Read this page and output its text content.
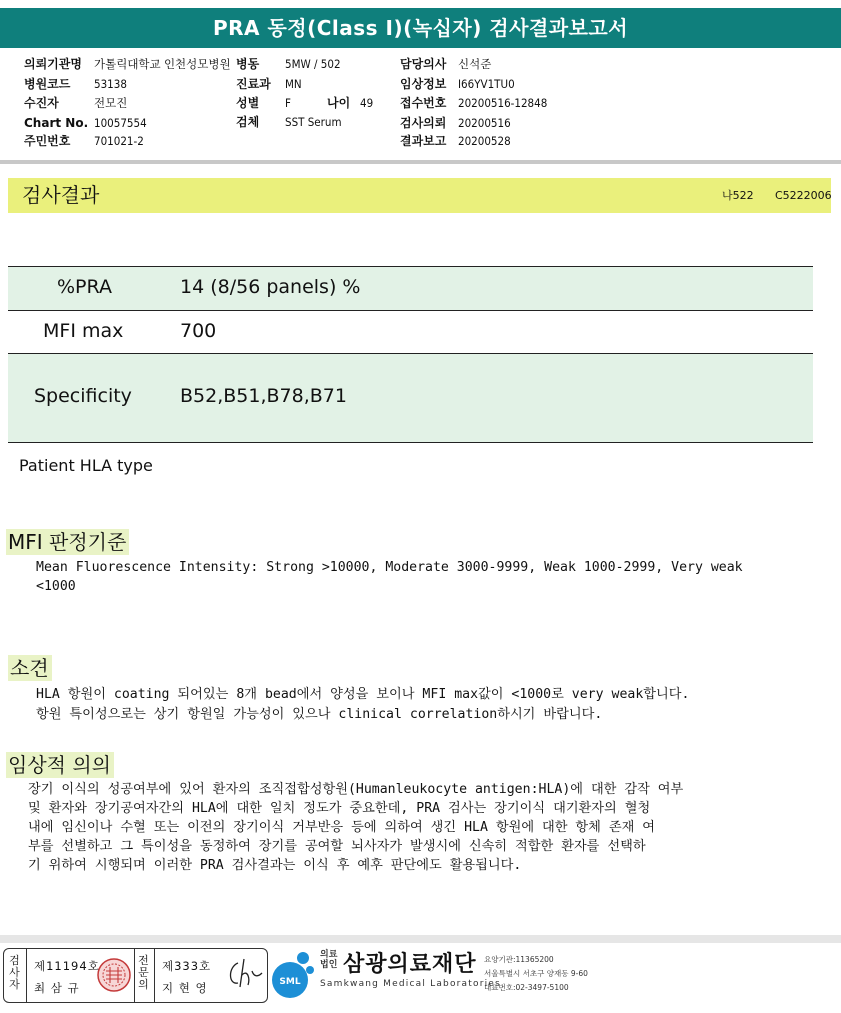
PRA 동정(Class I)(녹십자) 검사결과보고서
의뢰기관명 가톨릭대학교 인천성모병원 병동 5MW / 502	담당의사 신석준
병원코드 53138	진료과 MN	임상정보 I66YV1TU0
수진자	전모진	성별 F	나이 49 접수번호 20200516-12848
Chart No. 10057554	검체 SST Serum	검사의뢰 20200516
주민번호 701021-2	결과보고 20200528
검사결과	나522 C5222006
%PRA	14 (8/56 panels) %
MFI max	700
Specificity	B52,B51,B78,B71
Patient HLA type
MFI 판정기준
Mean Fluorescence Intensity: Strong >10000, Moderate 3000-9999, Weak 1000-2999, Very weak
<1000
소견
HLA 항원이 coating 되어있는 8개 bead에서 양성을 보이나 MFI max값이 <1000로 very weak합니다.
항원 특이성으로는 상기 항원일 가능성이 있으나 clinical correlation하시기 바랍니다.
임상적 의의
장기 이식의 성공여부에 있어 환자의 조직접합성항원(Humanleukocyte antigen:HLA)에 대한 감작 여부
및 환자와 장기공여자간의 HLA에 대한 일치 정도가 중요한데, PRA 검사는 장기이식 대기환자의 혈청
내에 임신이나 수혈 또는 이전의 장기이식 거부반응 등에 의하여 생긴 HLA 항원에 대한 항체 존재 여
부를 선별하고 그 특이성을 동정하여 장기를 공여할 뇌사자가 발생시에 신속히 적합한 환자를 선택하
기 위하여 시행되며 이러한 PRA 검사결과는 이식 후 예후 판단에도 활용됩니다.
검
사
자
제11194호
최 삼 규
전
문
의
제333호
지 현 영	SML
의료
법인 삼광의료재단
Samkwang Medical Laboratories
요양기관:11365200
서울특별시 서초구 양재동 9-60
대표번호:02-3497-5100
